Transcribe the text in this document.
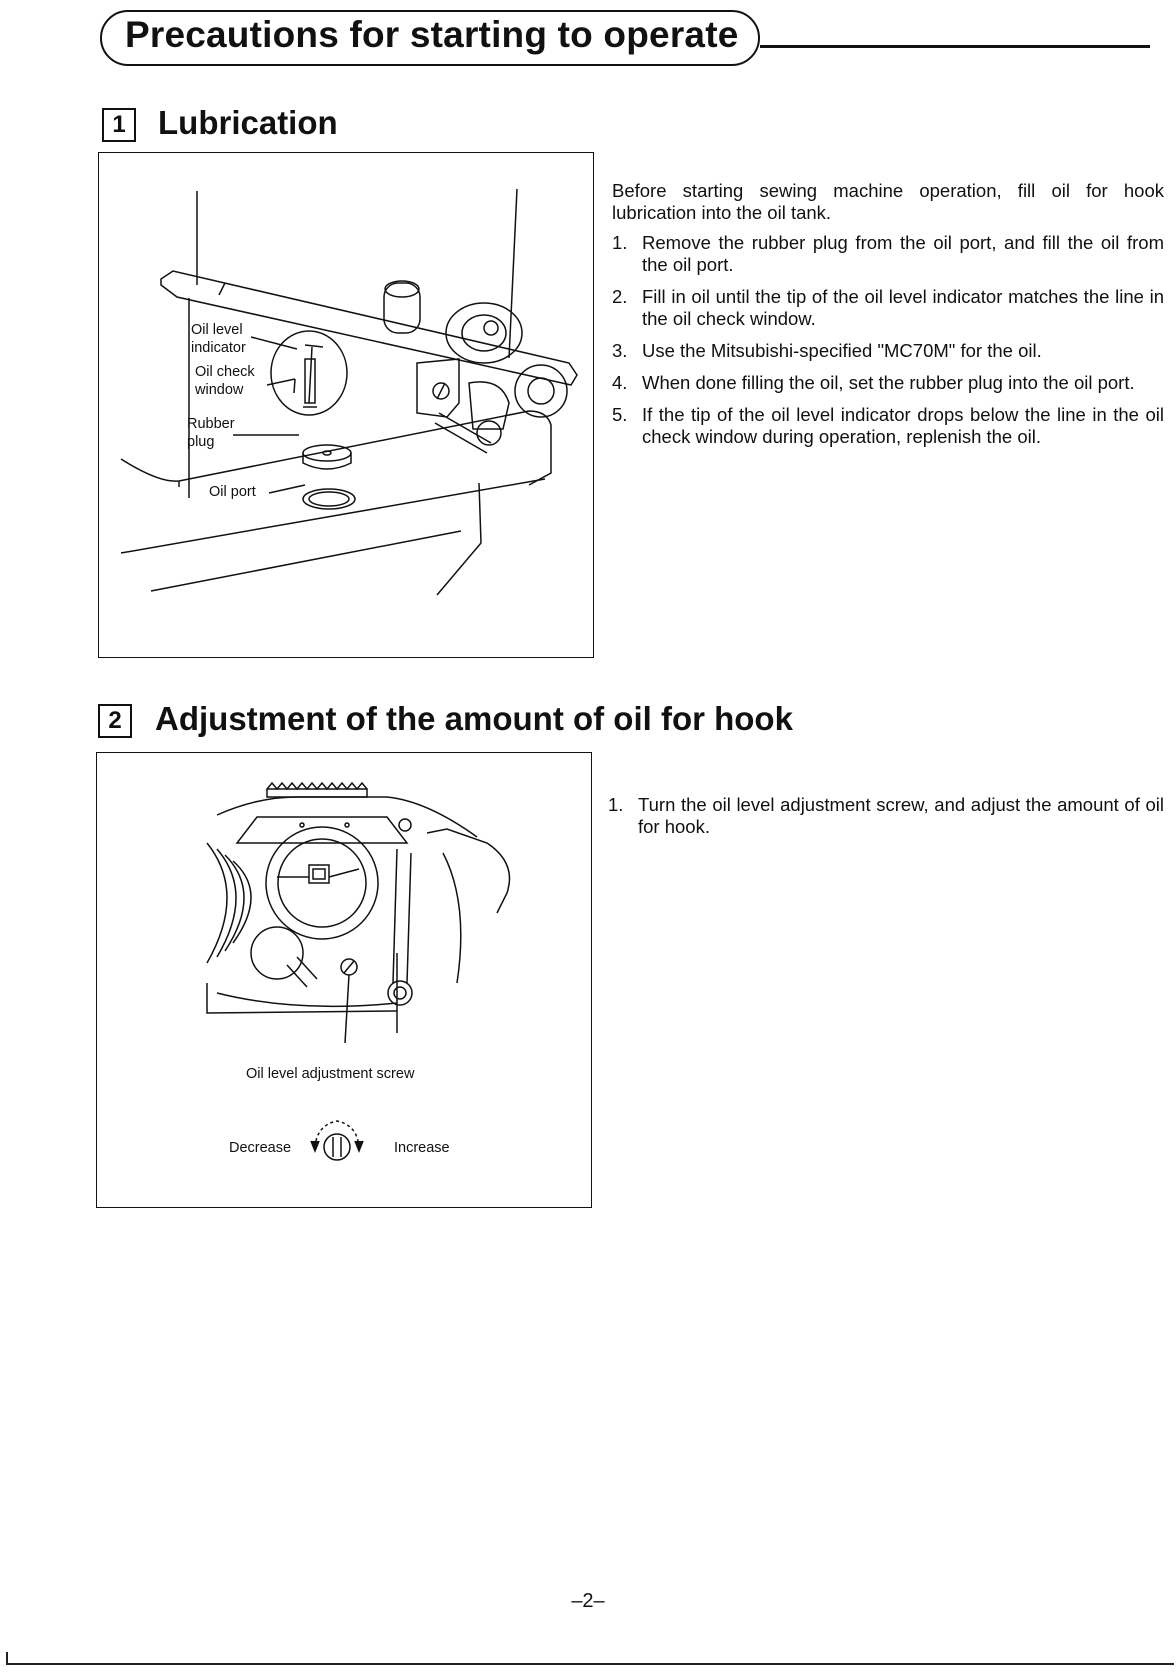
Precautions for starting to operate
1 Lubrication
Oil level
indicator
Oil check
window
Rubber
plug
Oil port
Before starting sewing machine operation, fill oil for hook lubrication into the oil tank.
1. Remove the rubber plug from the oil port, and fill the oil from the oil port.
2. Fill in oil until the tip of the oil level indicator matches the line in the oil check window.
3. Use the Mitsubishi-specified "MC70M" for the oil.
4. When done filling the oil, set the rubber plug into the oil port.
5. If the tip of the oil level indicator drops below the line in the oil check window during operation, replenish the oil.
2	Adjustment of the amount of oil for hook
Oil level adjustment screw
Decrease	Increase
1. Turn the oil level adjustment screw, and adjust the amount of oil for hook.
–2–
